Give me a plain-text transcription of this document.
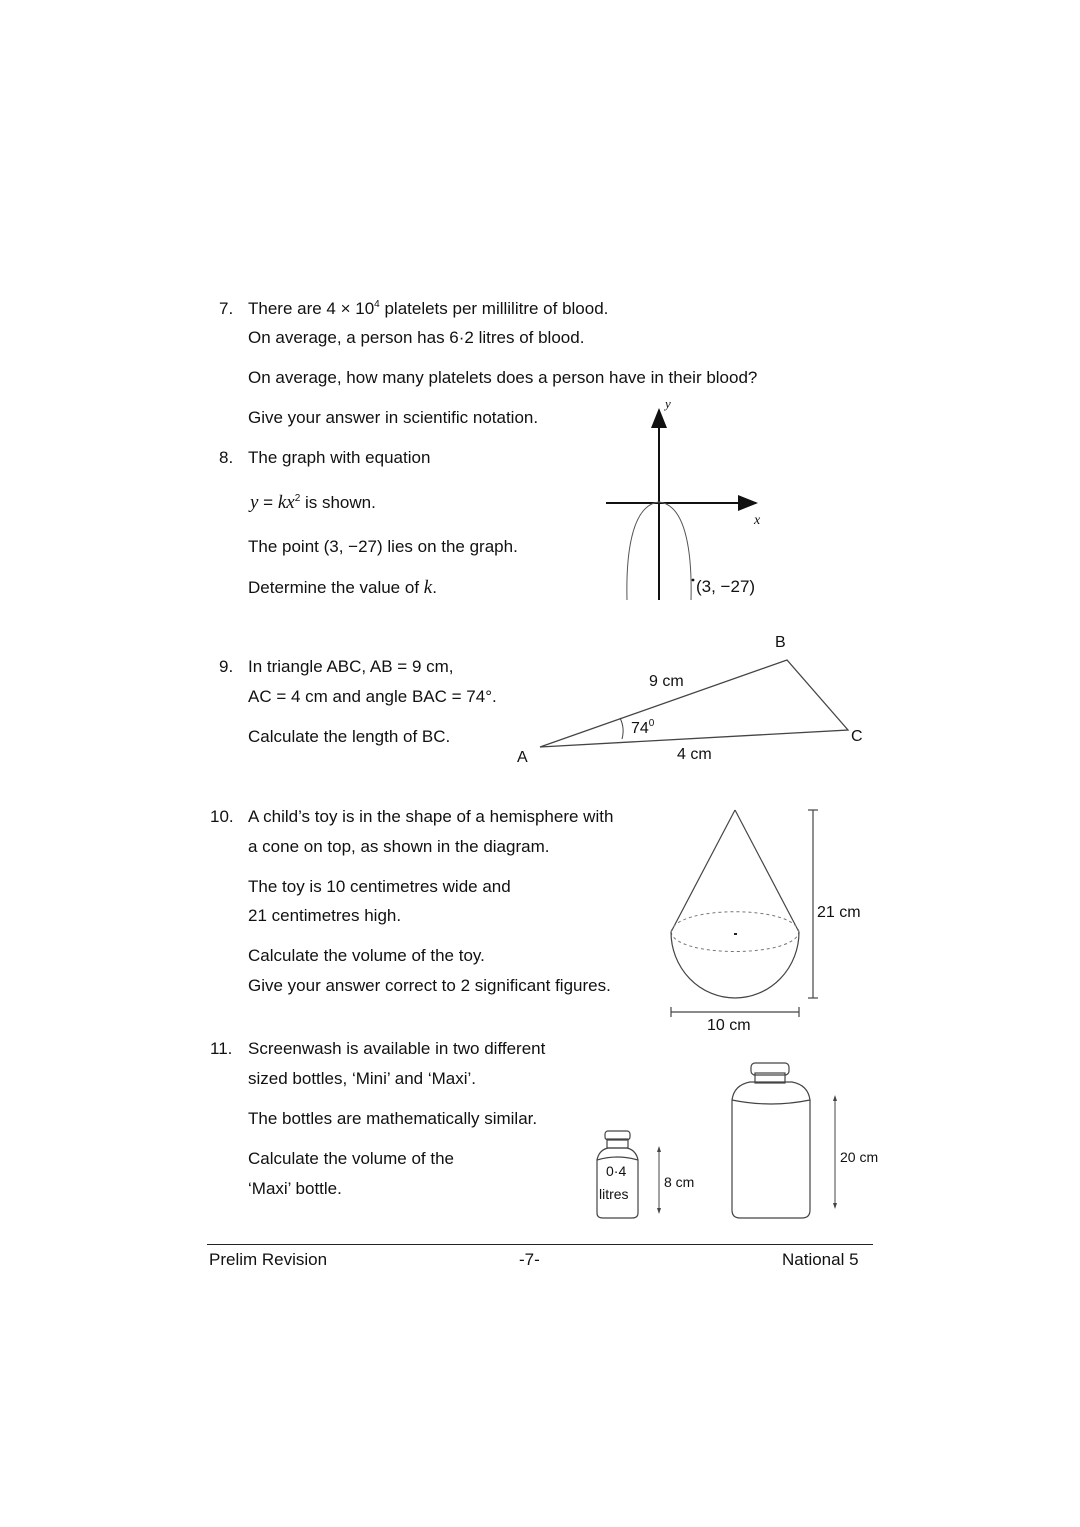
7. There are $4 \times 10^4$ platelets per millilitre of blood.
On average, a person has 6·2 litres of blood.
On average, how many platelets does a person have in their blood?
Give your answer in scientific notation.
8. The graph with equation
$y = kx^2$ is shown.
The point (3, −27) lies on the graph.
Determine the value of k.
y
x
(3, −27)
9. In triangle ABC, AB = 9 cm,
AC = 4 cm and angle BAC = 74°.
Calculate the length of BC.
A
B
C
9 cm
4 cm
$74^0$
10. A child’s toy is in the shape of a hemisphere with
a cone on top, as shown in the diagram.
The toy is 10 centimetres wide and
21 centimetres high.
Calculate the volume of the toy.
Give your answer correct to 2 significant figures.
21 cm
10 cm
11. Screenwash is available in two different
sized bottles, ‘Mini’ and ‘Maxi’.
The bottles are mathematically similar.
Calculate the volume of the
‘Maxi’ bottle.
0·4
litres
8 cm
20 cm
Prelim Revision	-7-	National 5
